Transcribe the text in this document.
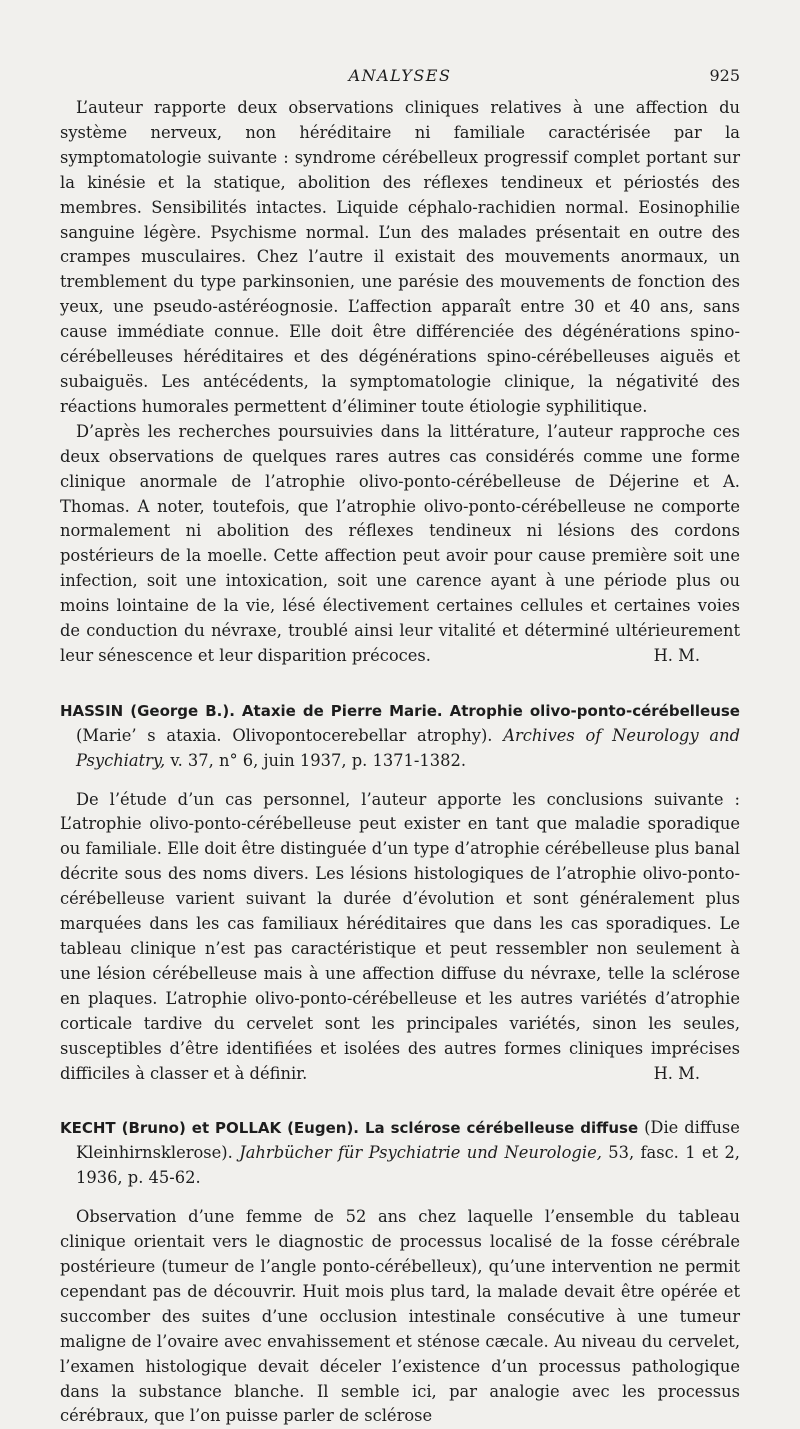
ANALYSES	925

L’auteur rapporte deux observations cliniques relatives à une affection du système nerveux, non héréditaire ni familiale caractérisée par la symptomatologie suivante : syndrome cérébelleux progressif complet portant sur la kinésie et la statique, abolition des réflexes tendineux et périostés des membres. Sensibilités intactes. Liquide céphalo-rachidien normal. Eosinophilie sanguine légère. Psychisme normal. L’un des malades présentait en outre des crampes musculaires. Chez l’autre il existait des mouvements anormaux, un tremblement du type parkinsonien, une parésie des mouvements de fonction des yeux, une pseudo-astéréognosie. L’affection apparaît entre 30 et 40 ans, sans cause immédiate connue. Elle doit être différenciée des dégénérations spino-cérébelleuses héréditaires et des dégénérations spino-cérébelleuses aiguës et subaiguës. Les antécédents, la symptomatologie clinique, la négativité des réactions humorales permettent d’éliminer toute étiologie syphilitique.

D’après les recherches poursuivies dans la littérature, l’auteur rapproche ces deux observations de quelques rares autres cas considérés comme une forme clinique anormale de l’atrophie olivo-ponto-cérébelleuse de Déjerine et A. Thomas. A noter, toutefois, que l’atrophie olivo-ponto-cérébelleuse ne comporte normalement ni abolition des réflexes tendineux ni lésions des cordons postérieurs de la moelle. Cette affection peut avoir pour cause première soit une infection, soit une intoxication, soit une carence ayant à une période plus ou moins lointaine de la vie, lésé électivement certaines cellules et certaines voies de conduction du névraxe, troublé ainsi leur vitalité et déterminé ultérieurement leur sénescence et leur disparition précoces.	H. M.

HASSIN (George B.). Ataxie de Pierre Marie. Atrophie olivo-ponto-cérébelleuse (Marie’ s ataxia. Olivopontocerebellar atrophy). Archives of Neurology and Psychiatry, v. 37, n° 6, juin 1937, p. 1371-1382.

De l’étude d’un cas personnel, l’auteur apporte les conclusions suivante : L’atrophie olivo-ponto-cérébelleuse peut exister en tant que maladie sporadique ou familiale. Elle doit être distinguée d’un type d’atrophie cérébelleuse plus banal décrite sous des noms divers. Les lésions histologiques de l’atrophie olivo-ponto-cérébelleuse varient suivant la durée d’évolution et sont généralement plus marquées dans les cas familiaux héréditaires que dans les cas sporadiques. Le tableau clinique n’est pas caractéristique et peut ressembler non seulement à une lésion cérébelleuse mais à une affection diffuse du névraxe, telle la sclérose en plaques. L’atrophie olivo-ponto-cérébelleuse et les autres variétés d’atrophie corticale tardive du cervelet sont les principales variétés, sinon les seules, susceptibles d’être identifiées et isolées des autres formes cliniques imprécises difficiles à classer et à définir.	H. M.

KECHT (Bruno) et POLLAK (Eugen). La sclérose cérébelleuse diffuse (Die diffuse Kleinhirnsklerose). Jahrbücher für Psychiatrie und Neurologie, 53, fasc. 1 et 2, 1936, p. 45-62.

Observation d’une femme de 52 ans chez laquelle l’ensemble du tableau clinique orientait vers le diagnostic de processus localisé de la fosse cérébrale postérieure (tumeur de l’angle ponto-cérébelleux), qu’une intervention ne permit cependant pas de découvrir. Huit mois plus tard, la malade devait être opérée et succomber des suites d’une occlusion intestinale consécutive à une tumeur maligne de l’ovaire avec envahissement et sténose cæcale. Au niveau du cervelet, l’examen histologique devait déceler l’existence d’un processus pathologique dans la substance blanche. Il semble ici, par analogie avec les processus cérébraux, que l’on puisse parler de sclérose
